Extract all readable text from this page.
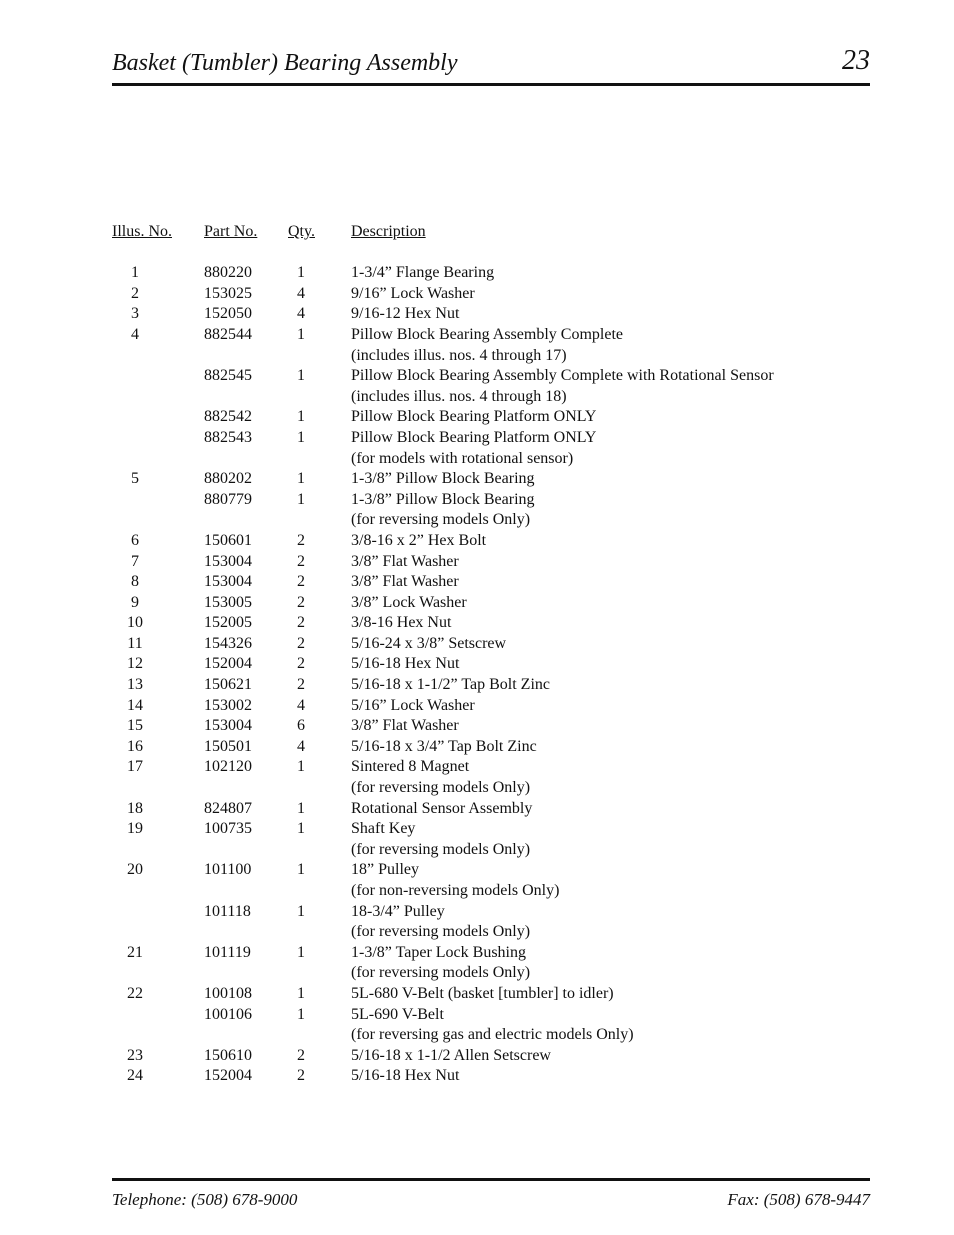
Basket (Tumbler) Bearing Assembly	23
Illus. No. Part No. Qty. Description
1	880220	1	1-3/4” Flange Bearing
2	153025	4	9/16” Lock Washer
3	152050	4	9/16-12 Hex Nut
4	882544	1	Pillow Block Bearing Assembly Complete
(includes illus. nos. 4 through 17)
882545	1	Pillow Block Bearing Assembly Complete with Rotational Sensor
(includes illus. nos. 4 through 18)
882542	1	Pillow Block Bearing Platform ONLY
882543	1	Pillow Block Bearing Platform ONLY
(for models with rotational sensor)
5	880202	1	1-3/8” Pillow Block Bearing
880779	1	1-3/8” Pillow Block Bearing
(for reversing models Only)
6	150601	2	3/8-16 x 2” Hex Bolt
7	153004	2	3/8” Flat Washer
8	153004	2	3/8” Flat Washer
9	153005	2	3/8” Lock Washer
10	152005	2	3/8-16 Hex Nut
11	154326	2	5/16-24 x 3/8” Setscrew
12	152004	2	5/16-18 Hex Nut
13	150621	2	5/16-18 x 1-1/2” Tap Bolt Zinc
14	153002	4	5/16” Lock Washer
15	153004	6	3/8” Flat Washer
16	150501	4	5/16-18 x 3/4” Tap Bolt Zinc
17	102120	1	Sintered 8 Magnet
(for reversing models Only)
18	824807	1	Rotational Sensor Assembly
19	100735	1	Shaft Key
(for reversing models Only)
20	101100	1	18” Pulley
(for non-reversing models Only)
101118	1	18-3/4” Pulley
(for reversing models Only)
21	101119	1	1-3/8” Taper Lock Bushing
(for reversing models Only)
22	100108	1	5L-680 V-Belt (basket [tumbler] to idler)
100106	1	5L-690 V-Belt
(for reversing gas and electric models Only)
23	150610	2	5/16-18 x 1-1/2 Allen Setscrew
24	152004	2	5/16-18 Hex Nut
Telephone: (508) 678-9000	Fax: (508) 678-9447
